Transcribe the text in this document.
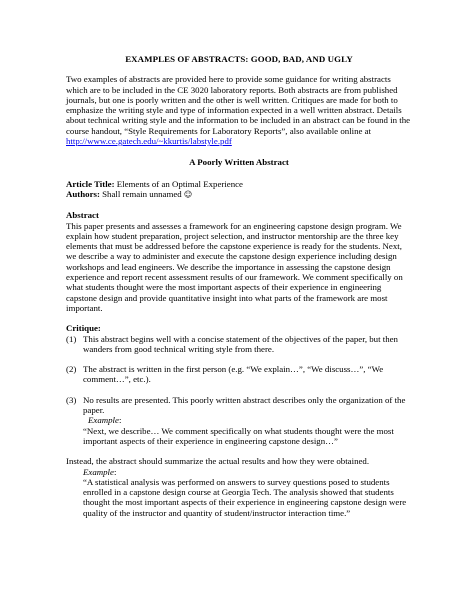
EXAMPLES OF ABSTRACTS: GOOD, BAD, AND UGLY

Two examples of abstracts are provided here to provide some guidance for writing abstracts which are to be included in the CE 3020 laboratory reports. Both abstracts are from published journals, but one is poorly written and the other is well written. Critiques are made for both to emphasize the writing style and type of information expected in a well written abstract. Details about technical writing style and the information to be included in an abstract can be found in the course handout, “Style Requirements for Laboratory Reports”, also available online at http://www.ce.gatech.edu/~kkurtis/labstyle.pdf

A Poorly Written Abstract

Article Title: Elements of an Optimal Experience

Authors: Shall remain unnamed ☺

Abstract

This paper presents and assesses a framework for an engineering capstone design program. We explain how student preparation, project selection, and instructor mentorship are the three key elements that must be addressed before the capstone experience is ready for the students. Next, we describe a way to administer and execute the capstone design experience including design workshops and lead engineers. We describe the importance in assessing the capstone design experience and report recent assessment results of our framework. We comment specifically on what students thought were the most important aspects of their experience in engineering capstone design and provide quantitative insight into what parts of the framework are most important.

Critique:
(1) This abstract begins well with a concise statement of the objectives of the paper, but then wanders from good technical writing style from there.
(2) The abstract is written in the first person (e.g. “We explain…”, “We discuss…”, “We comment…”, etc.).
(3) No results are presented. This poorly written abstract describes only the organization of the paper.
Example:
“Next, we describe… We comment specifically on what students thought were the most important aspects of their experience in engineering capstone design…”

Instead, the abstract should summarize the actual results and how they were obtained.

Example:
“A statistical analysis was performed on answers to survey questions posed to students enrolled in a capstone design course at Georgia Tech. The analysis showed that students thought the most important aspects of their experience in engineering capstone design were quality of the instructor and quantity of student/instructor interaction time.”
